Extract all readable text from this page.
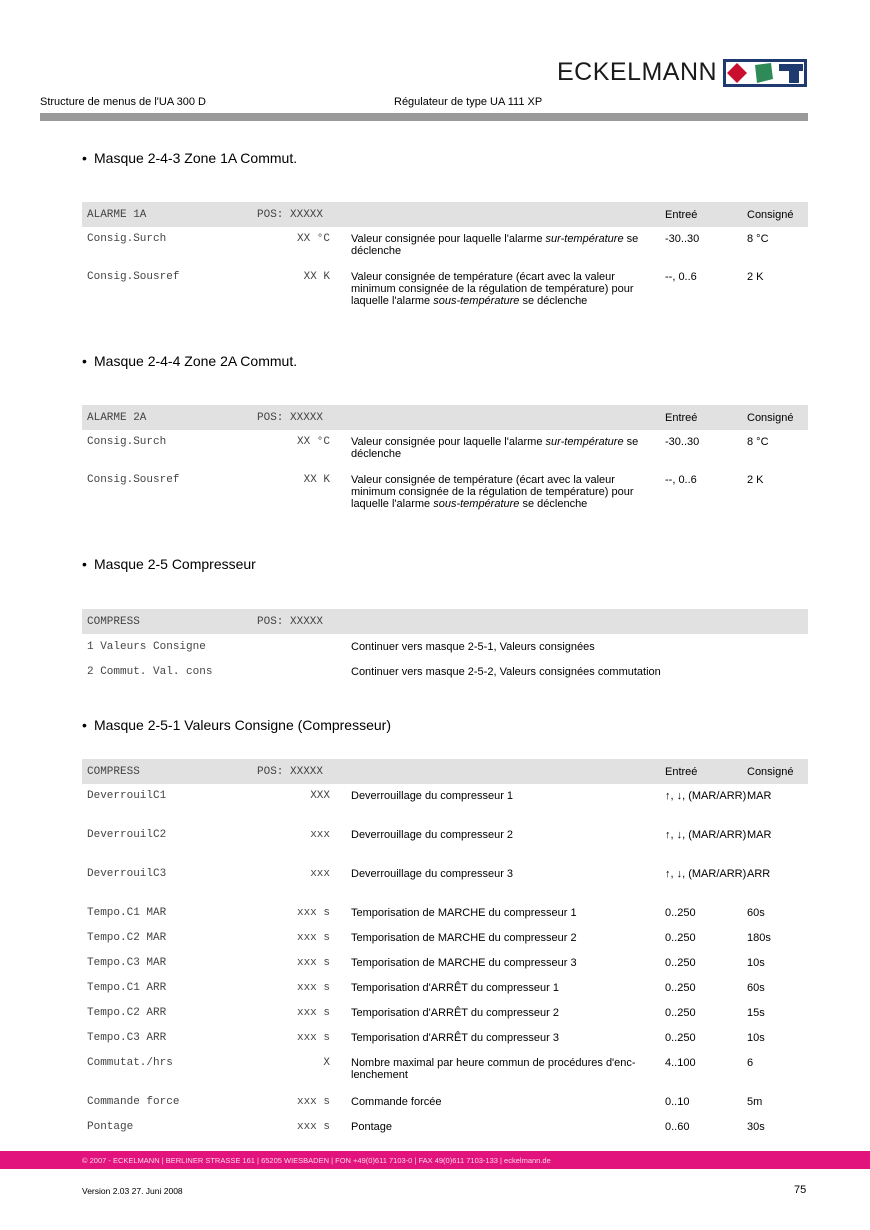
ECKELMANN
Structure de menus de l'UA 300 D	Régulateur de type UA 111 XP
• Masque 2-4-3 Zone 1A Commut.
ALARME 1A	POS: XXXXX		Entreé	Consigné

Consig.Surch	XX °C	Valeur consignée pour laquelle l'alarme sur-température se déclenche	-30..30	8 °C
Consig.Sousref	XX K	Valeur consignée de température (écart avec la valeur minimum consignée de la régulation de température) pour laquelle l'alarme sous-température se déclenche	--, 0..6	2 K
• Masque 2-4-4 Zone 2A Commut.
ALARME 2A	POS: XXXXX		Entreé	Consigné

Consig.Surch	XX °C	Valeur consignée pour laquelle l'alarme sur-température se déclenche	-30..30	8 °C
Consig.Sousref	XX K	Valeur consignée de température (écart avec la valeur minimum consignée de la régulation de température) pour laquelle l'alarme sous-température se déclenche	--, 0..6	2 K
• Masque 2-5 Compresseur
COMPRESS	POS: XXXXX			

1 Valeurs Consigne		Continuer vers masque 2-5-1, Valeurs consignées		
2 Commut. Val. cons		Continuer vers masque 2-5-2, Valeurs consignées commutation		
• Masque 2-5-1 Valeurs Consigne (Compresseur)
COMPRESS	POS: XXXXX		Entreé	Consigné

DeverrouilC1	XXX	Deverrouillage du compresseur 1	↑, ↓, (MAR/ARR)	MAR
DeverrouilC2	xxx	Deverrouillage du compresseur 2	↑, ↓, (MAR/ARR)	MAR
DeverrouilC3	xxx	Deverrouillage du compresseur 3	↑, ↓, (MAR/ARR)	ARR
Tempo.C1 MAR	xxx s	Temporisation de MARCHE du compresseur 1	0..250	60s
Tempo.C2 MAR	xxx s	Temporisation de MARCHE du compresseur 2	0..250	180s
Tempo.C3 MAR	xxx s	Temporisation de MARCHE du compresseur 3	0..250	10s
Tempo.C1 ARR	xxx s	Temporisation d'ARRÊT du compresseur 1	0..250	60s
Tempo.C2 ARR	xxx s	Temporisation d'ARRÊT du compresseur 2	0..250	15s
Tempo.C3 ARR	xxx s	Temporisation d'ARRÊT du compresseur 3	0..250	10s
Commutat./hrs	X	Nombre maximal par heure commun de procédures d'enclenchement	4..100	6
Commande force	xxx s	Commande forcée	0..10	5m
Pontage	xxx s	Pontage	0..60	30s
© 2007 - ECKELMANN | BERLINER STRASSE 161 | 65205 WIESBADEN | FON +49(0)611 7103-0 | FAX 49(0)611 7103-133 | eckelmann.de
Version 2.03 27. Juni 2008	75
